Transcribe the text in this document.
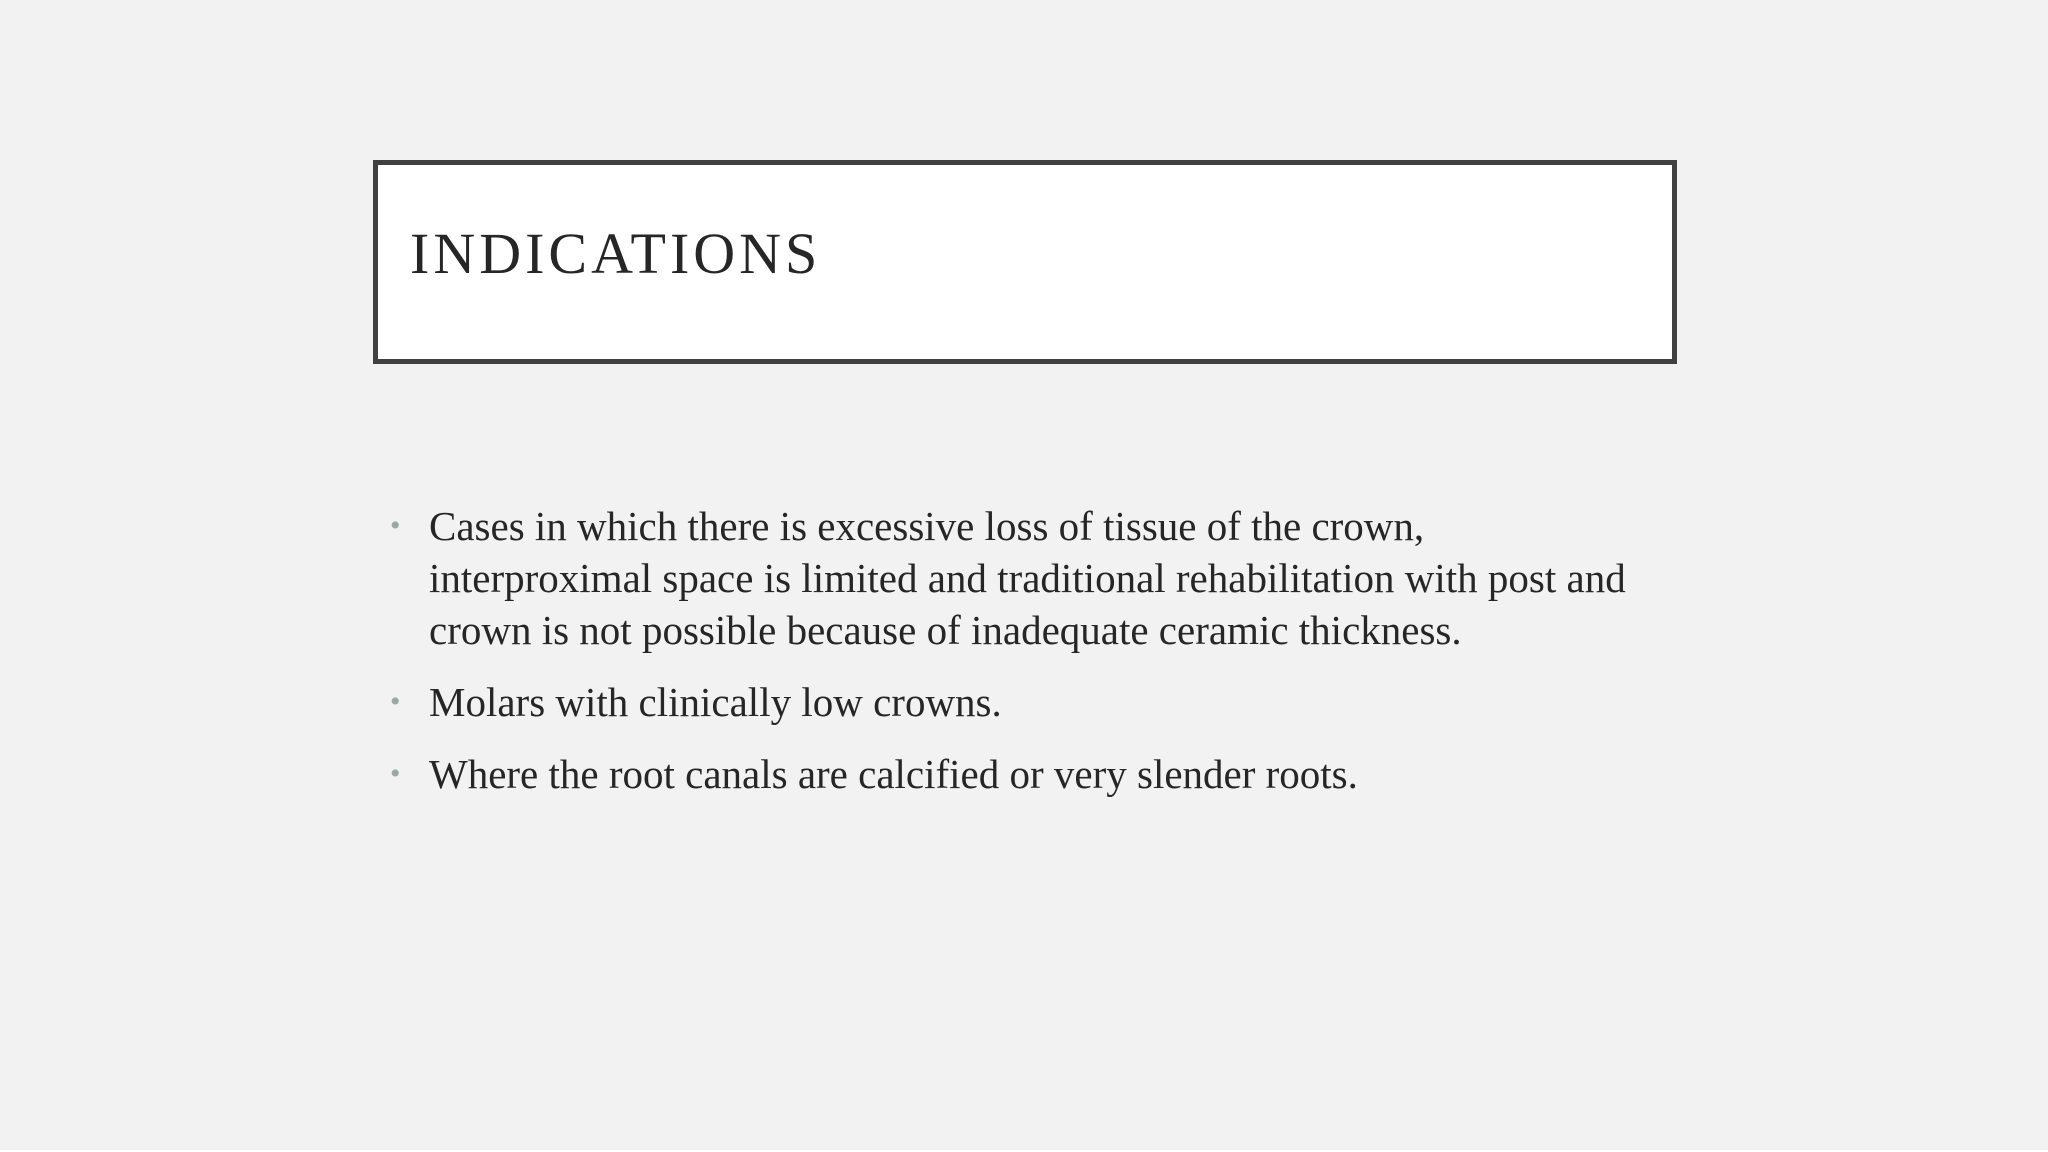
INDICATIONS
• Cases in which there is excessive loss of tissue of the crown, interproximal space is limited and traditional rehabilitation with post and crown is not possible because of inadequate ceramic thickness.
• Molars with clinically low crowns.
• Where the root canals are calcified or very slender roots.
